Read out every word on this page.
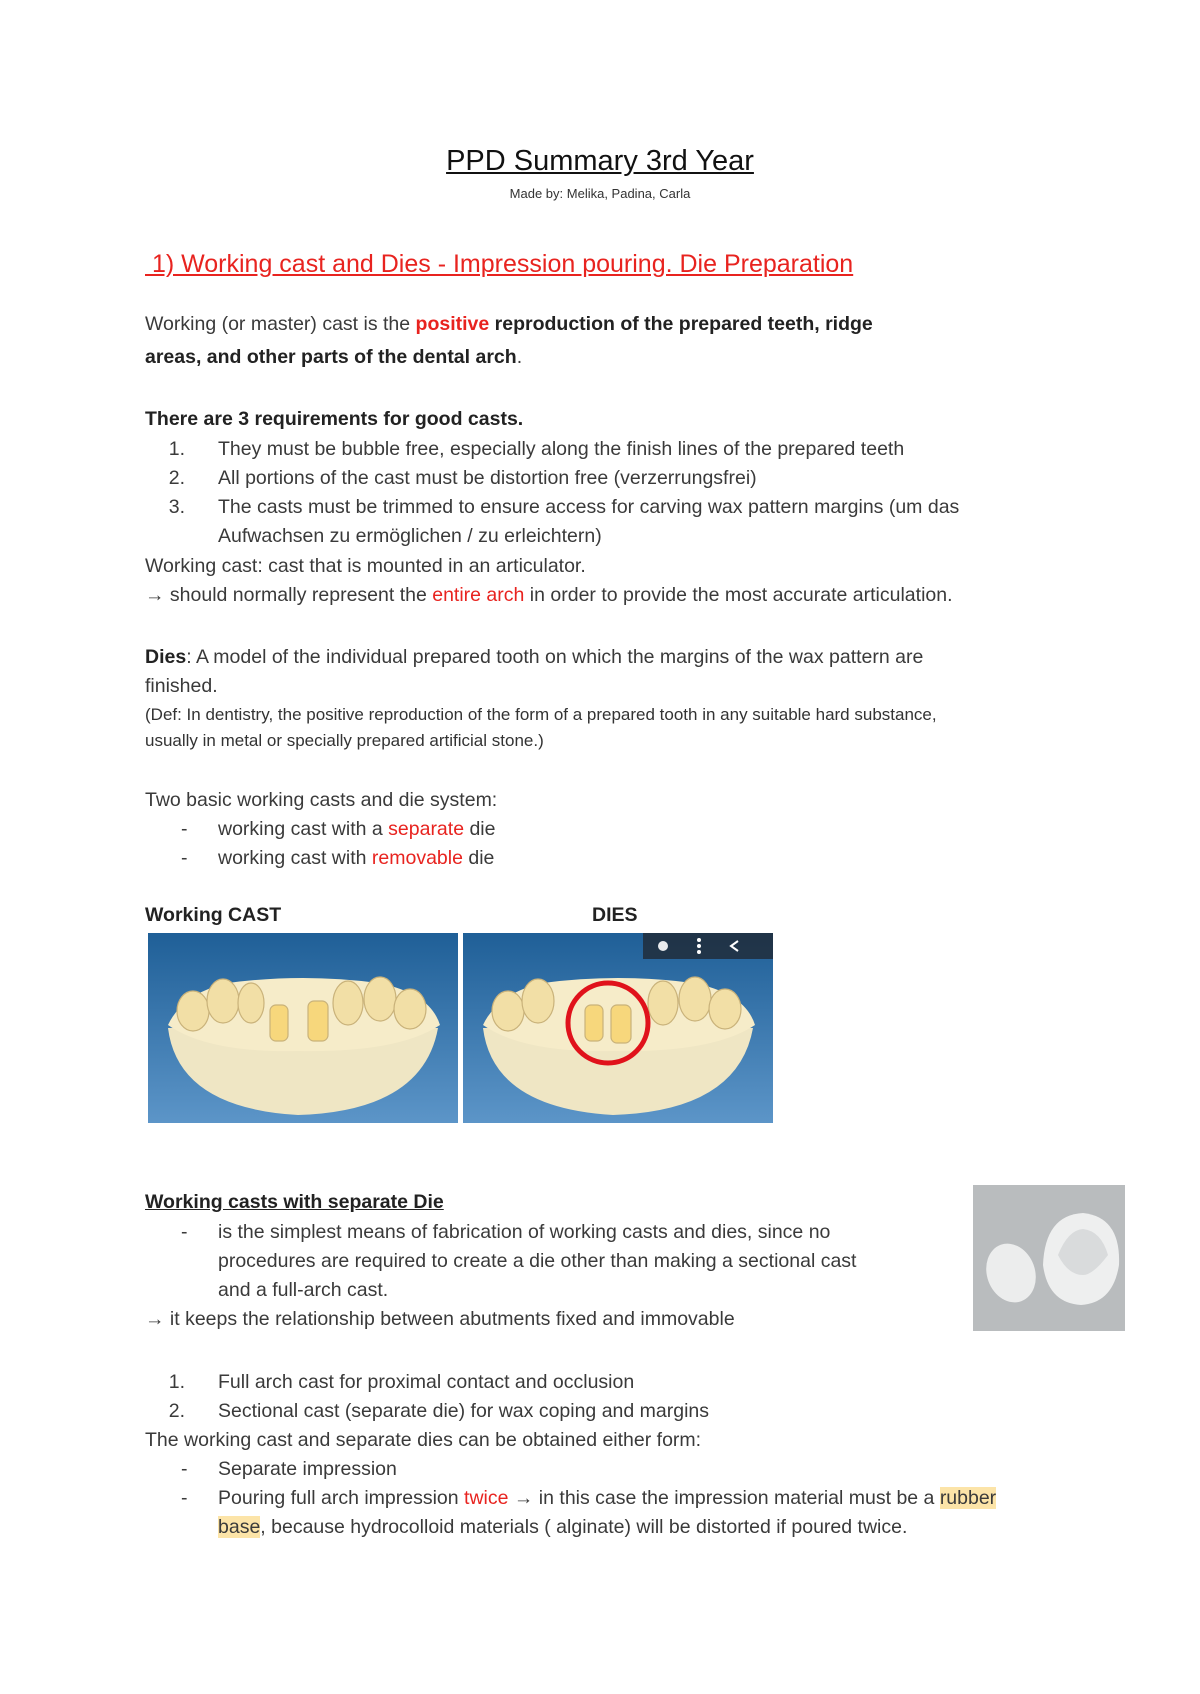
PPD Summary 3rd Year
Made by: Melika, Padina, Carla
1) Working cast and Dies - Impression pouring. Die Preparation
Working (or master) cast is the positive reproduction of the prepared teeth, ridge
areas, and other parts of the dental arch.
There are 3 requirements for good casts.
1. They must be bubble free, especially along the finish lines of the prepared teeth
2. All portions of the cast must be distortion free (verzerrungsfrei)
3. The casts must be trimmed to ensure access for carving wax pattern margins (um das
Aufwachsen zu ermöglichen / zu erleichtern)
Working cast: cast that is mounted in an articulator.
→ should normally represent the entire arch in order to provide the most accurate articulation.
Dies: A model of the individual prepared tooth on which the margins of the wax pattern are
finished.
(Def: In dentistry, the positive reproduction of the form of a prepared tooth in any suitable hard substance,
usually in metal or specially prepared artificial stone.)
Two basic working casts and die system:
- working cast with a separate die
- working cast with removable die
Working CAST	DIES
Working casts with separate Die
- is the simplest means of fabrication of working casts and dies, since no
procedures are required to create a die other than making a sectional cast
and a full-arch cast.
→ it keeps the relationship between abutments fixed and immovable
1. Full arch cast for proximal contact and occlusion
2. Sectional cast (separate die) for wax coping and margins
The working cast and separate dies can be obtained either form:
- Separate impression
- Pouring full arch impression twice → in this case the impression material must be a rubber
base, because hydrocolloid materials ( alginate) will be distorted if poured twice.
